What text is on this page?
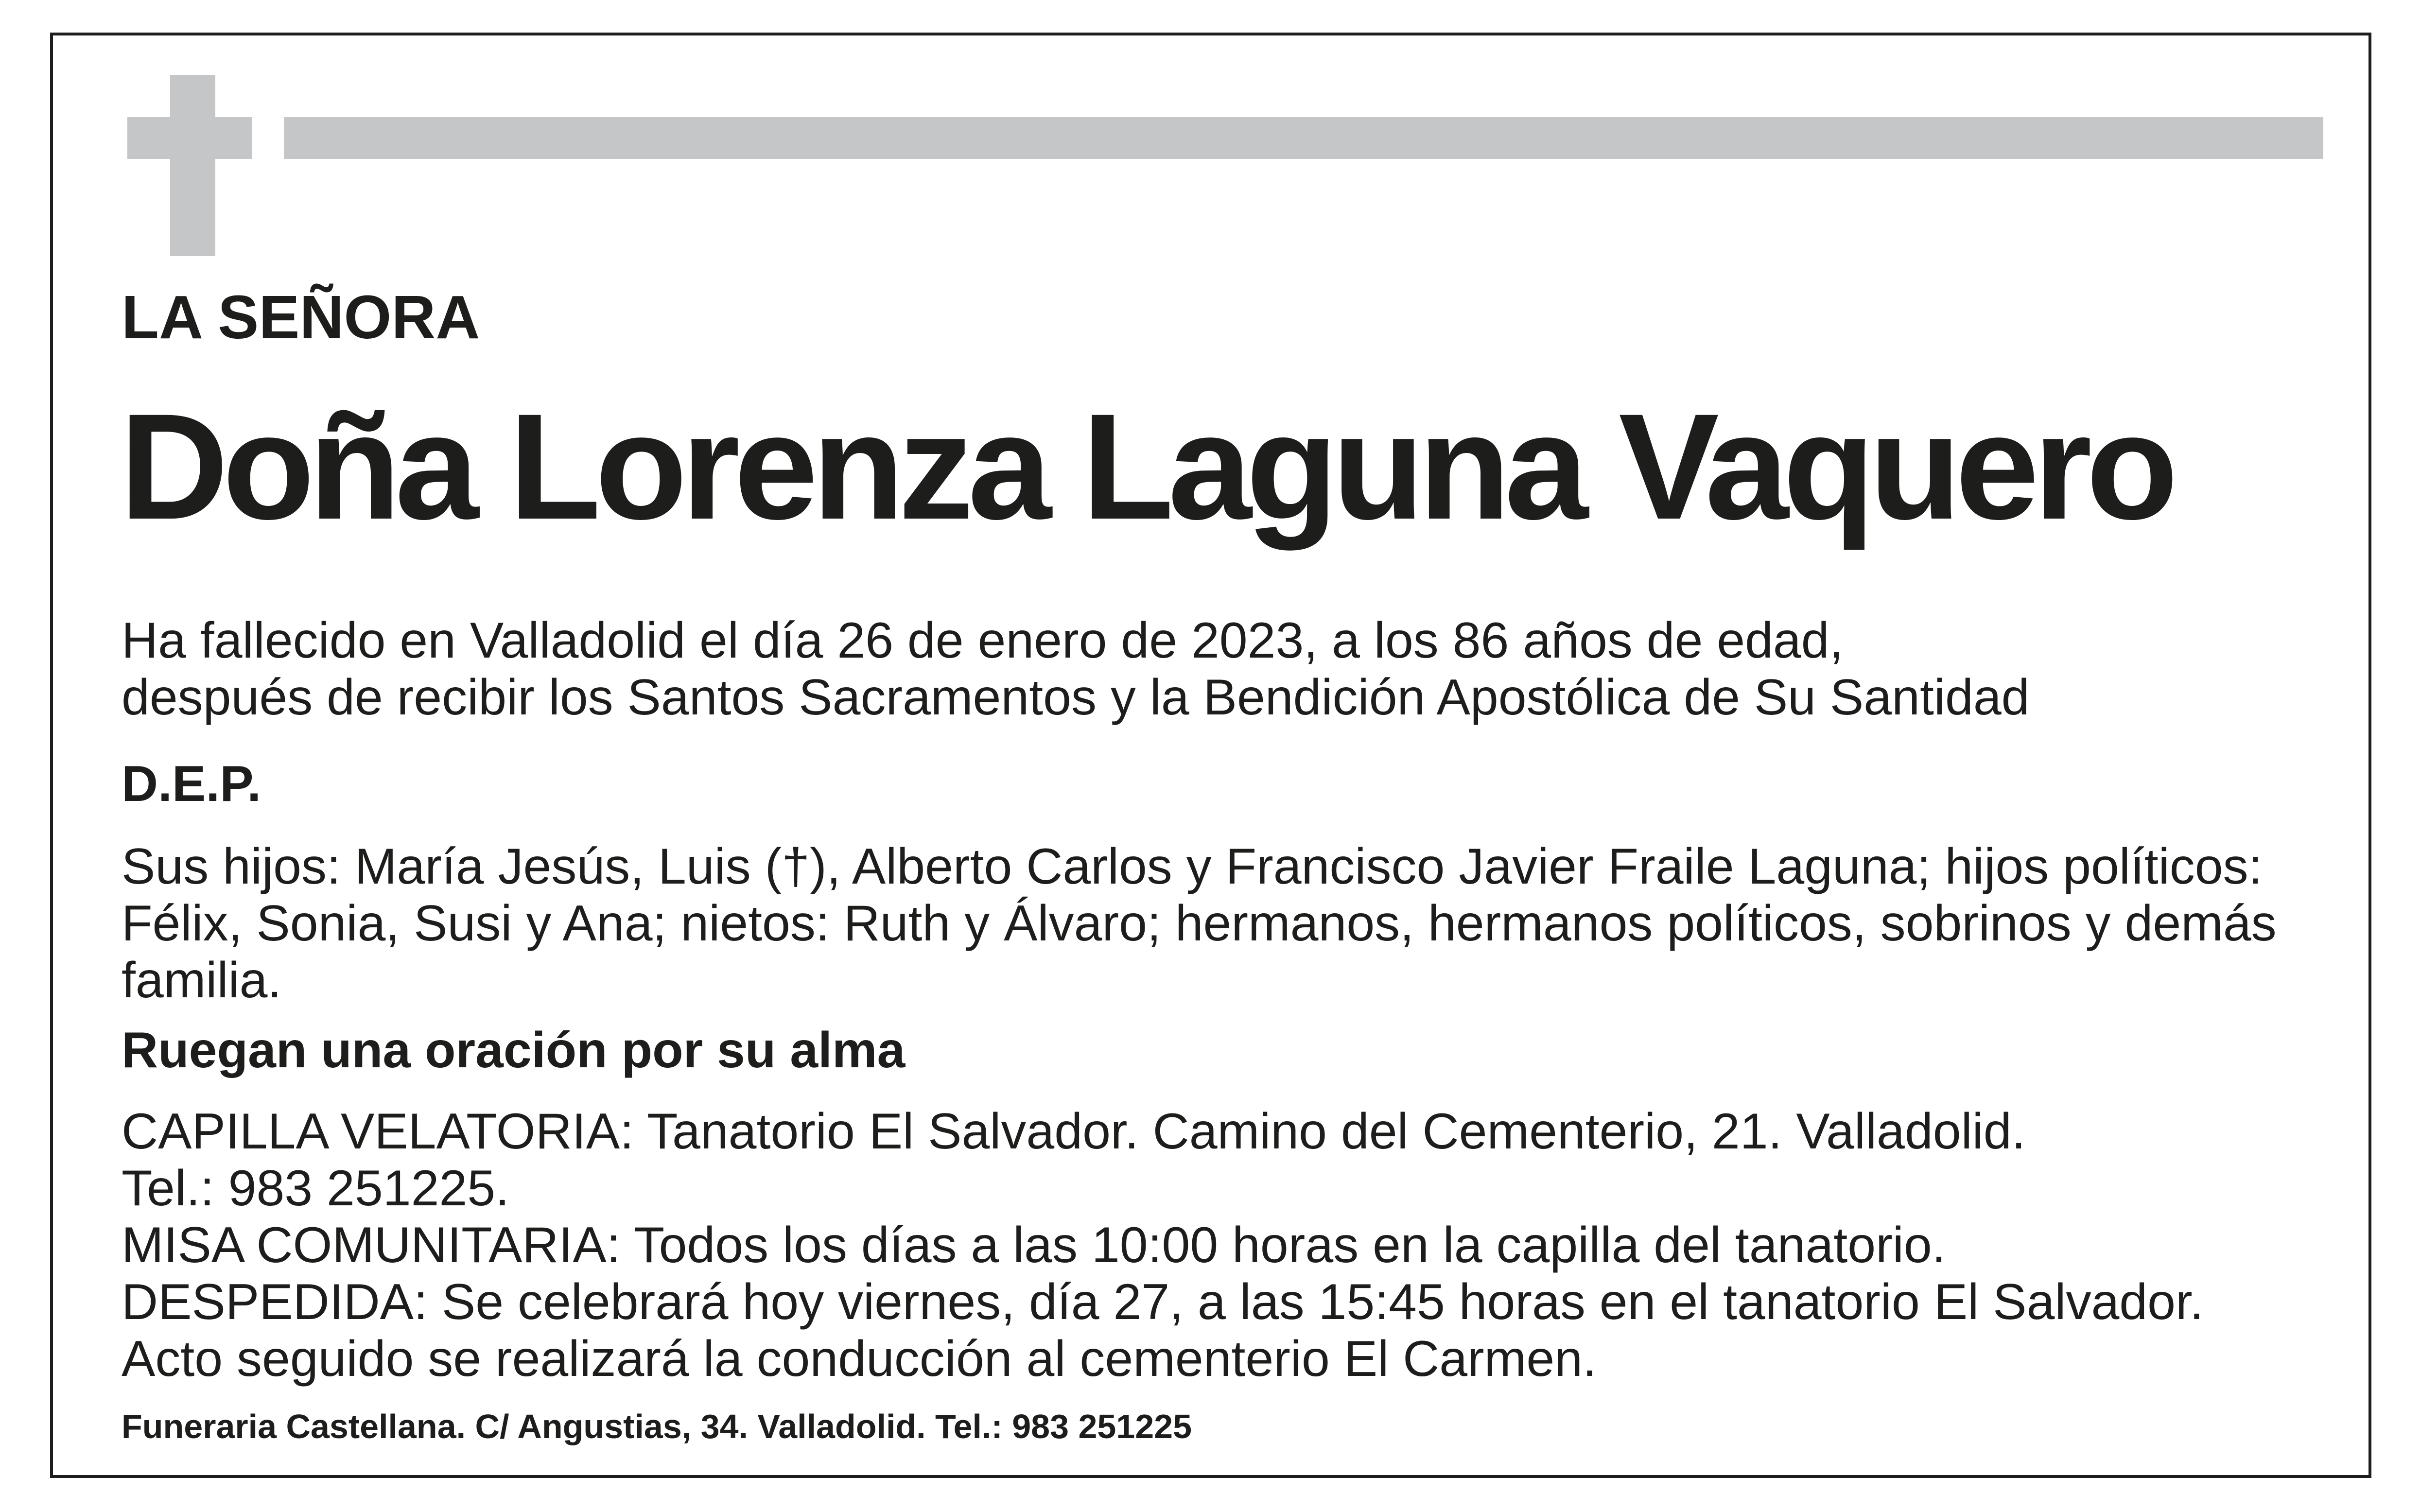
LA SEÑORA
Doña Lorenza Laguna Vaquero

Ha fallecido en Valladolid el día 26 de enero de 2023, a los 86 años de edad,

después de recibir los Santos Sacramentos y la Bendición Apostólica de Su Santidad

D.E.P.

Sus hijos: María Jesús, Luis (†), Alberto Carlos y Francisco Javier Fraile Laguna; hijos políticos: Félix, Sonia, Susi y Ana; nietos: Ruth y Álvaro; hermanos, hermanos políticos, sobrinos y demás familia.

Ruegan una oración por su alma

CAPILLA VELATORIA: Tanatorio El Salvador. Camino del Cementerio, 21. Valladolid.

Tel.: 983 251225.

MISA COMUNITARIA: Todos los días a las 10:00 horas en la capilla del tanatorio.

DESPEDIDA: Se celebrará hoy viernes, día 27, a las 15:45 horas en el tanatorio El Salvador.

Acto seguido se realizará la conducción al cementerio El Carmen.

Funeraria Castellana. C/ Angustias, 34. Valladolid. Tel.: 983 251225
